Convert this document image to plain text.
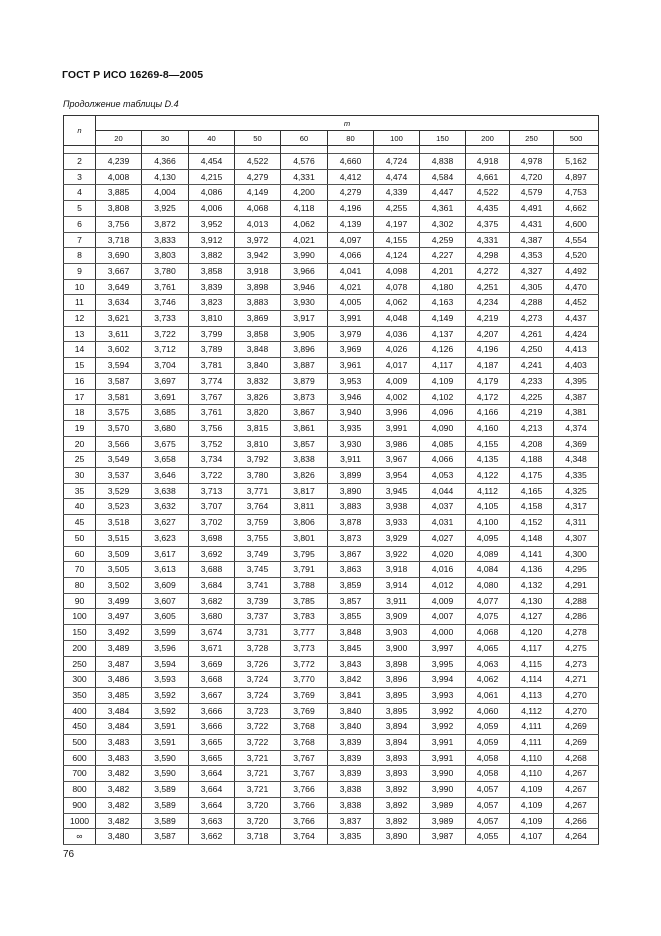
ГОСТ Р ИСО 16269-8—2005
Продолжение таблицы D.4
n	m										
	20	30	40	50	60	80	100	150	200	250	500

2	4,239	4,366	4,454	4,522	4,576	4,660	4,724	4,838	4,918	4,978	5,162
3	4,008	4,130	4,215	4,279	4,331	4,412	4,474	4,584	4,661	4,720	4,897
4	3,885	4,004	4,086	4,149	4,200	4,279	4,339	4,447	4,522	4,579	4,753
5	3,808	3,925	4,006	4,068	4,118	4,196	4,255	4,361	4,435	4,491	4,662
6	3,756	3,872	3,952	4,013	4,062	4,139	4,197	4,302	4,375	4,431	4,600
7	3,718	3,833	3,912	3,972	4,021	4,097	4,155	4,259	4,331	4,387	4,554
8	3,690	3,803	3,882	3,942	3,990	4,066	4,124	4,227	4,298	4,353	4,520
9	3,667	3,780	3,858	3,918	3,966	4,041	4,098	4,201	4,272	4,327	4,492
10	3,649	3,761	3,839	3,898	3,946	4,021	4,078	4,180	4,251	4,305	4,470
11	3,634	3,746	3,823	3,883	3,930	4,005	4,062	4,163	4,234	4,288	4,452
12	3,621	3,733	3,810	3,869	3,917	3,991	4,048	4,149	4,219	4,273	4,437
13	3,611	3,722	3,799	3,858	3,905	3,979	4,036	4,137	4,207	4,261	4,424
14	3,602	3,712	3,789	3,848	3,896	3,969	4,026	4,126	4,196	4,250	4,413
15	3,594	3,704	3,781	3,840	3,887	3,961	4,017	4,117	4,187	4,241	4,403
16	3,587	3,697	3,774	3,832	3,879	3,953	4,009	4,109	4,179	4,233	4,395
17	3,581	3,691	3,767	3,826	3,873	3,946	4,002	4,102	4,172	4,225	4,387
18	3,575	3,685	3,761	3,820	3,867	3,940	3,996	4,096	4,166	4,219	4,381
19	3,570	3,680	3,756	3,815	3,861	3,935	3,991	4,090	4,160	4,213	4,374
20	3,566	3,675	3,752	3,810	3,857	3,930	3,986	4,085	4,155	4,208	4,369
25	3,549	3,658	3,734	3,792	3,838	3,911	3,967	4,066	4,135	4,188	4,348
30	3,537	3,646	3,722	3,780	3,826	3,899	3,954	4,053	4,122	4,175	4,335
35	3,529	3,638	3,713	3,771	3,817	3,890	3,945	4,044	4,112	4,165	4,325
40	3,523	3,632	3,707	3,764	3,811	3,883	3,938	4,037	4,105	4,158	4,317
45	3,518	3,627	3,702	3,759	3,806	3,878	3,933	4,031	4,100	4,152	4,311
50	3,515	3,623	3,698	3,755	3,801	3,873	3,929	4,027	4,095	4,148	4,307
60	3,509	3,617	3,692	3,749	3,795	3,867	3,922	4,020	4,089	4,141	4,300
70	3,505	3,613	3,688	3,745	3,791	3,863	3,918	4,016	4,084	4,136	4,295
80	3,502	3,609	3,684	3,741	3,788	3,859	3,914	4,012	4,080	4,132	4,291
90	3,499	3,607	3,682	3,739	3,785	3,857	3,911	4,009	4,077	4,130	4,288
100	3,497	3,605	3,680	3,737	3,783	3,855	3,909	4,007	4,075	4,127	4,286
150	3,492	3,599	3,674	3,731	3,777	3,848	3,903	4,000	4,068	4,120	4,278
200	3,489	3,596	3,671	3,728	3,773	3,845	3,900	3,997	4,065	4,117	4,275
250	3,487	3,594	3,669	3,726	3,772	3,843	3,898	3,995	4,063	4,115	4,273
300	3,486	3,593	3,668	3,724	3,770	3,842	3,896	3,994	4,062	4,114	4,271
350	3,485	3,592	3,667	3,724	3,769	3,841	3,895	3,993	4,061	4,113	4,270
400	3,484	3,592	3,666	3,723	3,769	3,840	3,895	3,992	4,060	4,112	4,270
450	3,484	3,591	3,666	3,722	3,768	3,840	3,894	3,992	4,059	4,111	4,269
500	3,483	3,591	3,665	3,722	3,768	3,839	3,894	3,991	4,059	4,111	4,269
600	3,483	3,590	3,665	3,721	3,767	3,839	3,893	3,991	4,058	4,110	4,268
700	3,482	3,590	3,664	3,721	3,767	3,839	3,893	3,990	4,058	4,110	4,267
800	3,482	3,589	3,664	3,721	3,766	3,838	3,892	3,990	4,057	4,109	4,267
900	3,482	3,589	3,664	3,720	3,766	3,838	3,892	3,989	4,057	4,109	4,267
1000	3,482	3,589	3,663	3,720	3,766	3,837	3,892	3,989	4,057	4,109	4,266
∞	3,480	3,587	3,662	3,718	3,764	3,835	3,890	3,987	4,055	4,107	4,264
76
